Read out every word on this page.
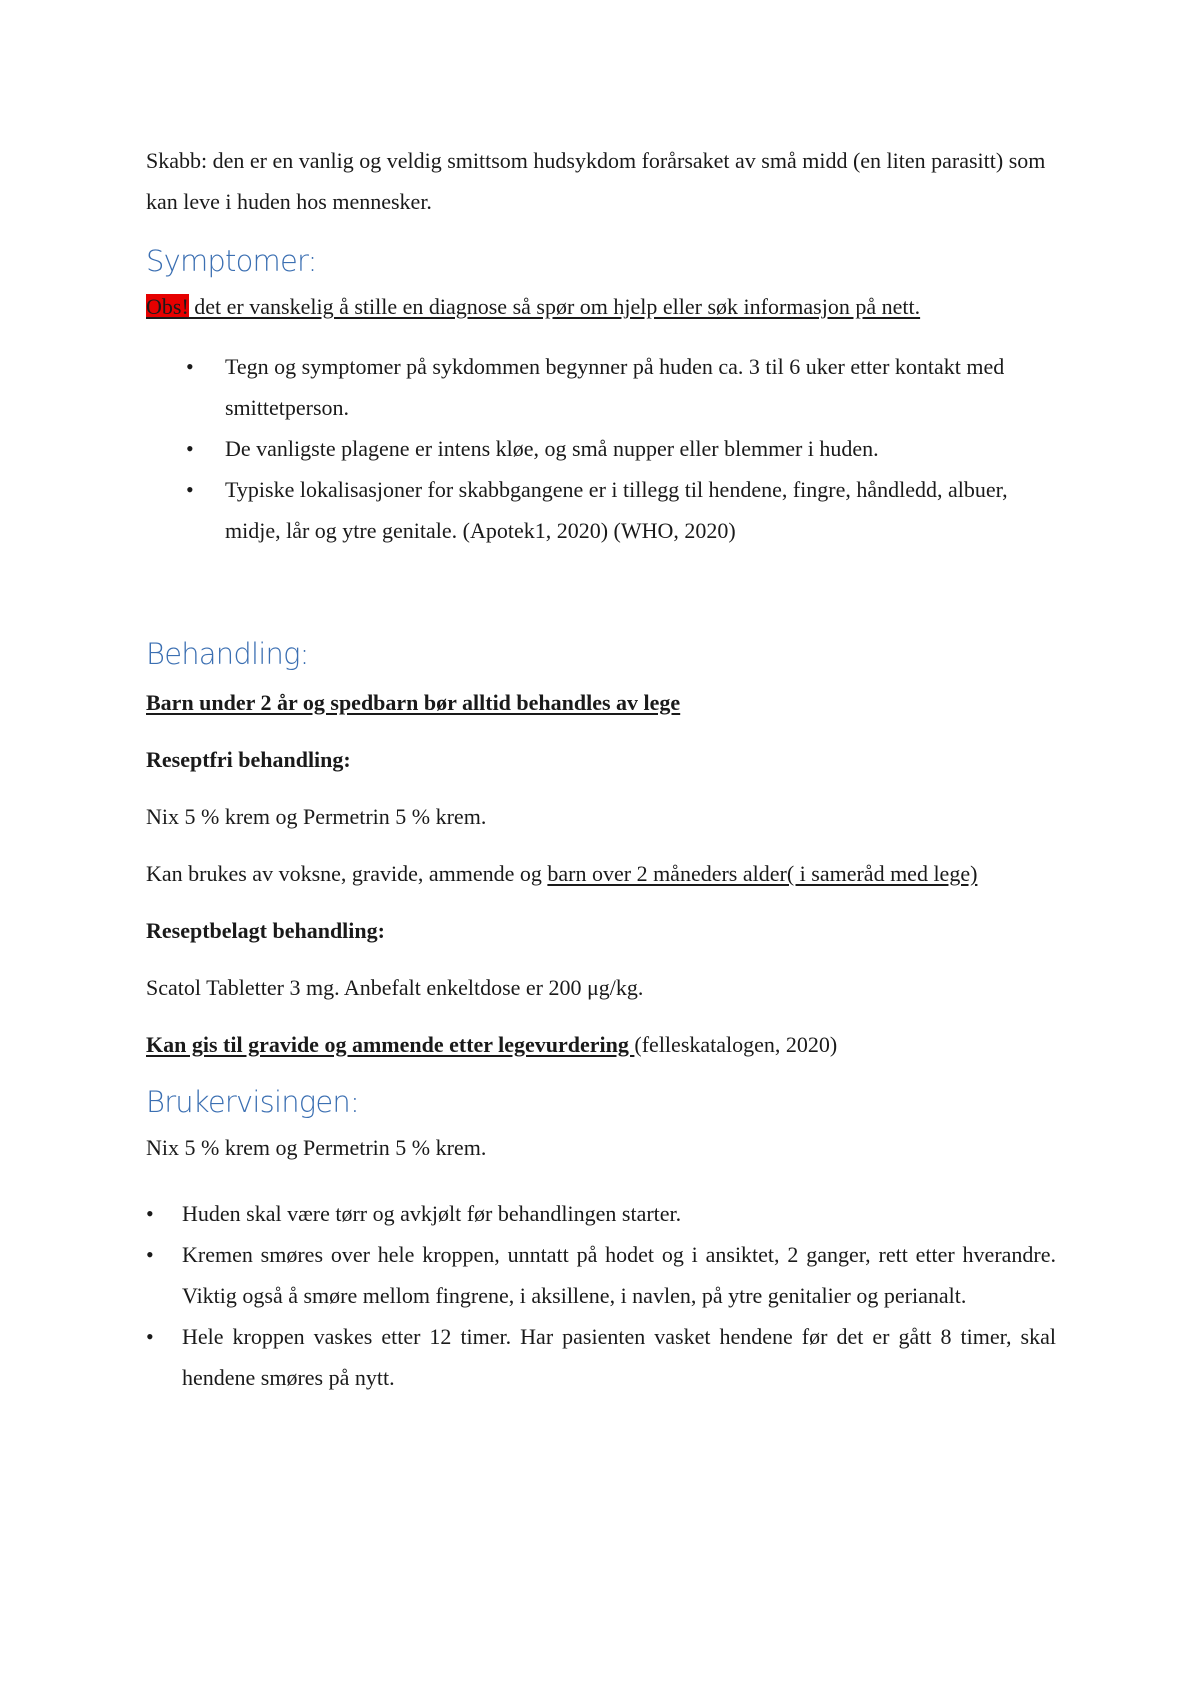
Skabb: den er en vanlig og veldig smittsom hudsykdom forårsaket av små midd (en liten parasitt) som kan leve i huden hos mennesker.

Symptomer:

Obs! det er vanskelig å stille en diagnose så spør om hjelp eller søk informasjon på nett.

• Tegn og symptomer på sykdommen begynner på huden ca. 3 til 6 uker etter kontakt med smittetperson.
• De vanligste plagene er intens kløe, og små nupper eller blemmer i huden.
• Typiske lokalisasjoner for skabbgangene er i tillegg til hendene, fingre, håndledd, albuer, midje, lår og ytre genitale. (Apotek1, 2020) (WHO, 2020)
Behandling:

Barn under 2 år og spedbarn bør alltid behandles av lege

Reseptfri behandling:

Nix 5 % krem og Permetrin 5 % krem.

Kan brukes av voksne, gravide, ammende og barn over 2 måneders alder( i sameråd med lege)

Reseptbelagt behandling:

Scatol Tabletter 3 mg. Anbefalt enkeltdose er 200 μg/kg.

Kan gis til gravide og ammende etter legevurdering (felleskatalogen, 2020)

Brukervisingen:

Nix 5 % krem og Permetrin 5 % krem.

• Huden skal være tørr og avkjølt før behandlingen starter.
• Kremen smøres over hele kroppen, unntatt på hodet og i ansiktet, 2 ganger, rett etter hverandre. Viktig også å smøre mellom fingrene, i aksillene, i navlen, på ytre genitalier og perianalt.
• Hele kroppen vaskes etter 12 timer. Har pasienten vasket hendene før det er gått 8 timer, skal hendene smøres på nytt.
